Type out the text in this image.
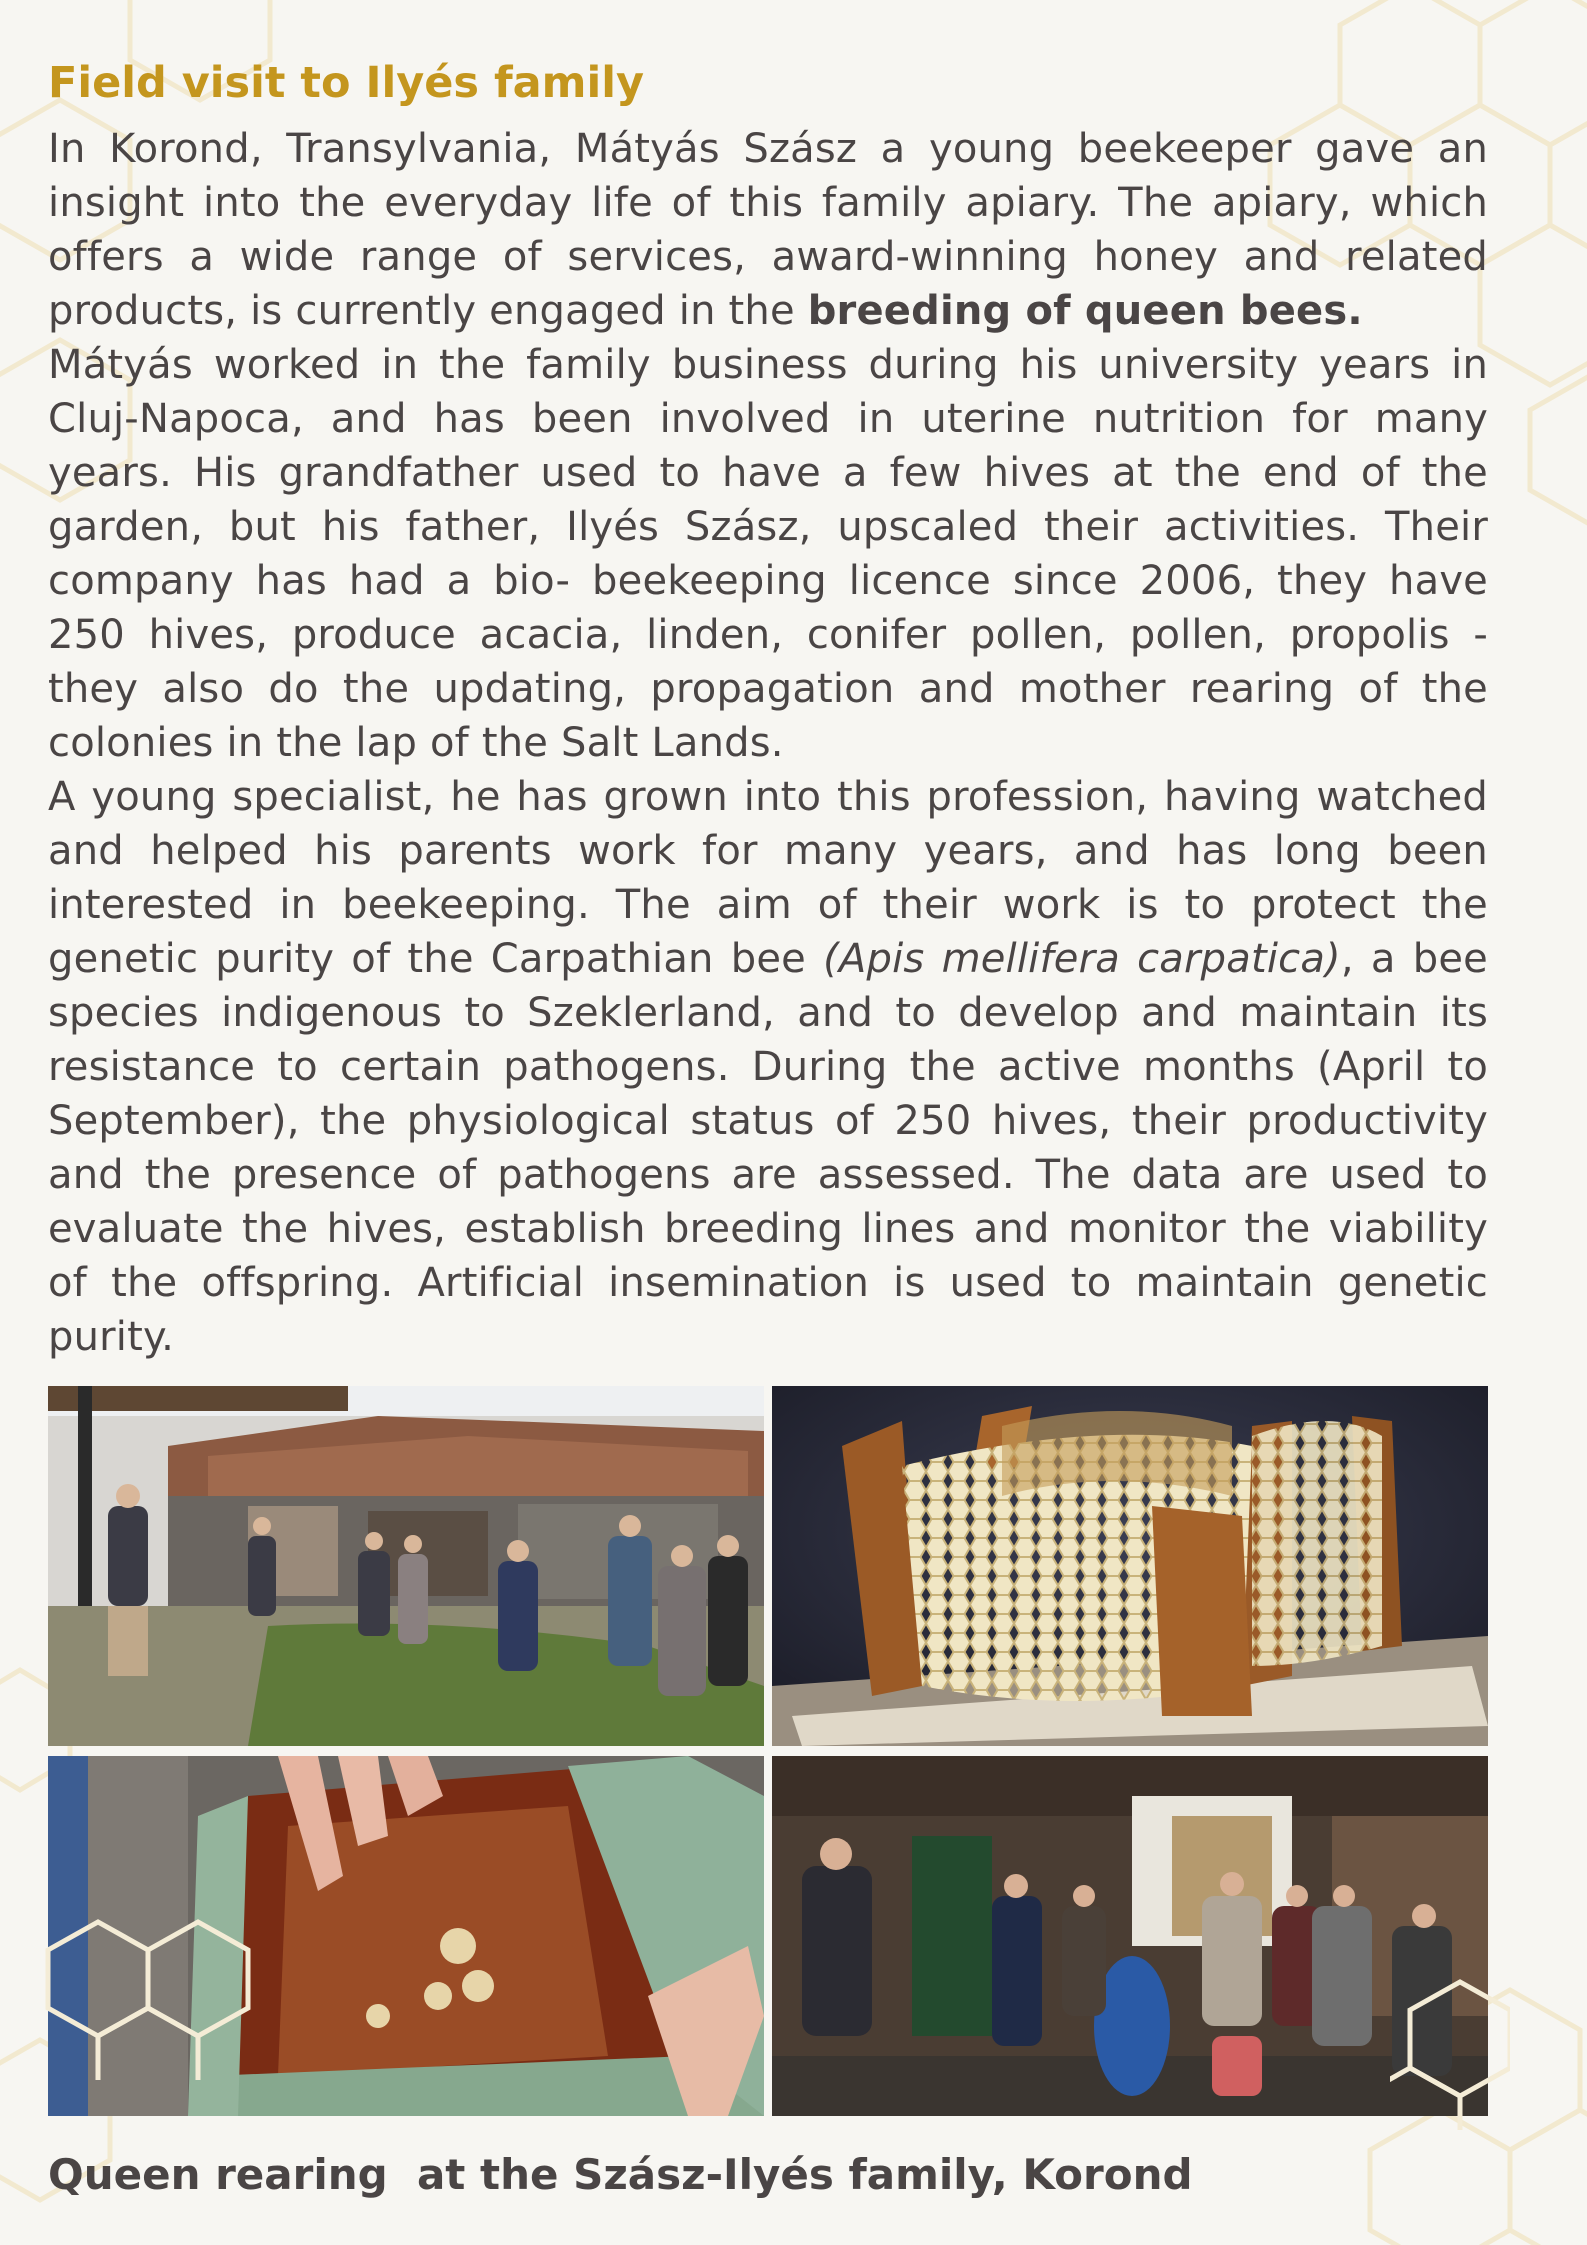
Field visit to Ilyés family

In Korond, Transylvania, Mátyás Szász a young beekeeper gave an insight into the everyday life of this family apiary. The apiary, which offers a wide range of services, award-winning honey and related products, is currently engaged in the breeding of queen bees.

Mátyás worked in the family business during his university years in Cluj-Napoca, and has been involved in uterine nutrition for many years. His grandfather used to have a few hives at the end of the garden, but his father, Ilyés Szász, upscaled their activities. Their company has had a bio- beekeeping licence since 2006, they have 250 hives, produce acacia, linden, conifer pollen, pollen, propolis - they also do the updating, propagation and mother rearing of the colonies in the lap of the Salt Lands.

A young specialist, he has grown into this profession, having watched and helped his parents work for many years, and has long been interested in beekeeping. The aim of their work is to protect the genetic purity of the Carpathian bee (Apis mellifera carpatica), a bee species indigenous to Szeklerland, and to develop and maintain its resistance to certain pathogens. During the active months (April to September), the physiological status of 250 hives, their productivity and the presence of pathogens are assessed. The data are used to evaluate the hives, establish breeding lines and monitor the viability of the offspring. Artificial insemination is used to maintain genetic purity.

Queen rearing  at the Szász-Ilyés family, Korond
